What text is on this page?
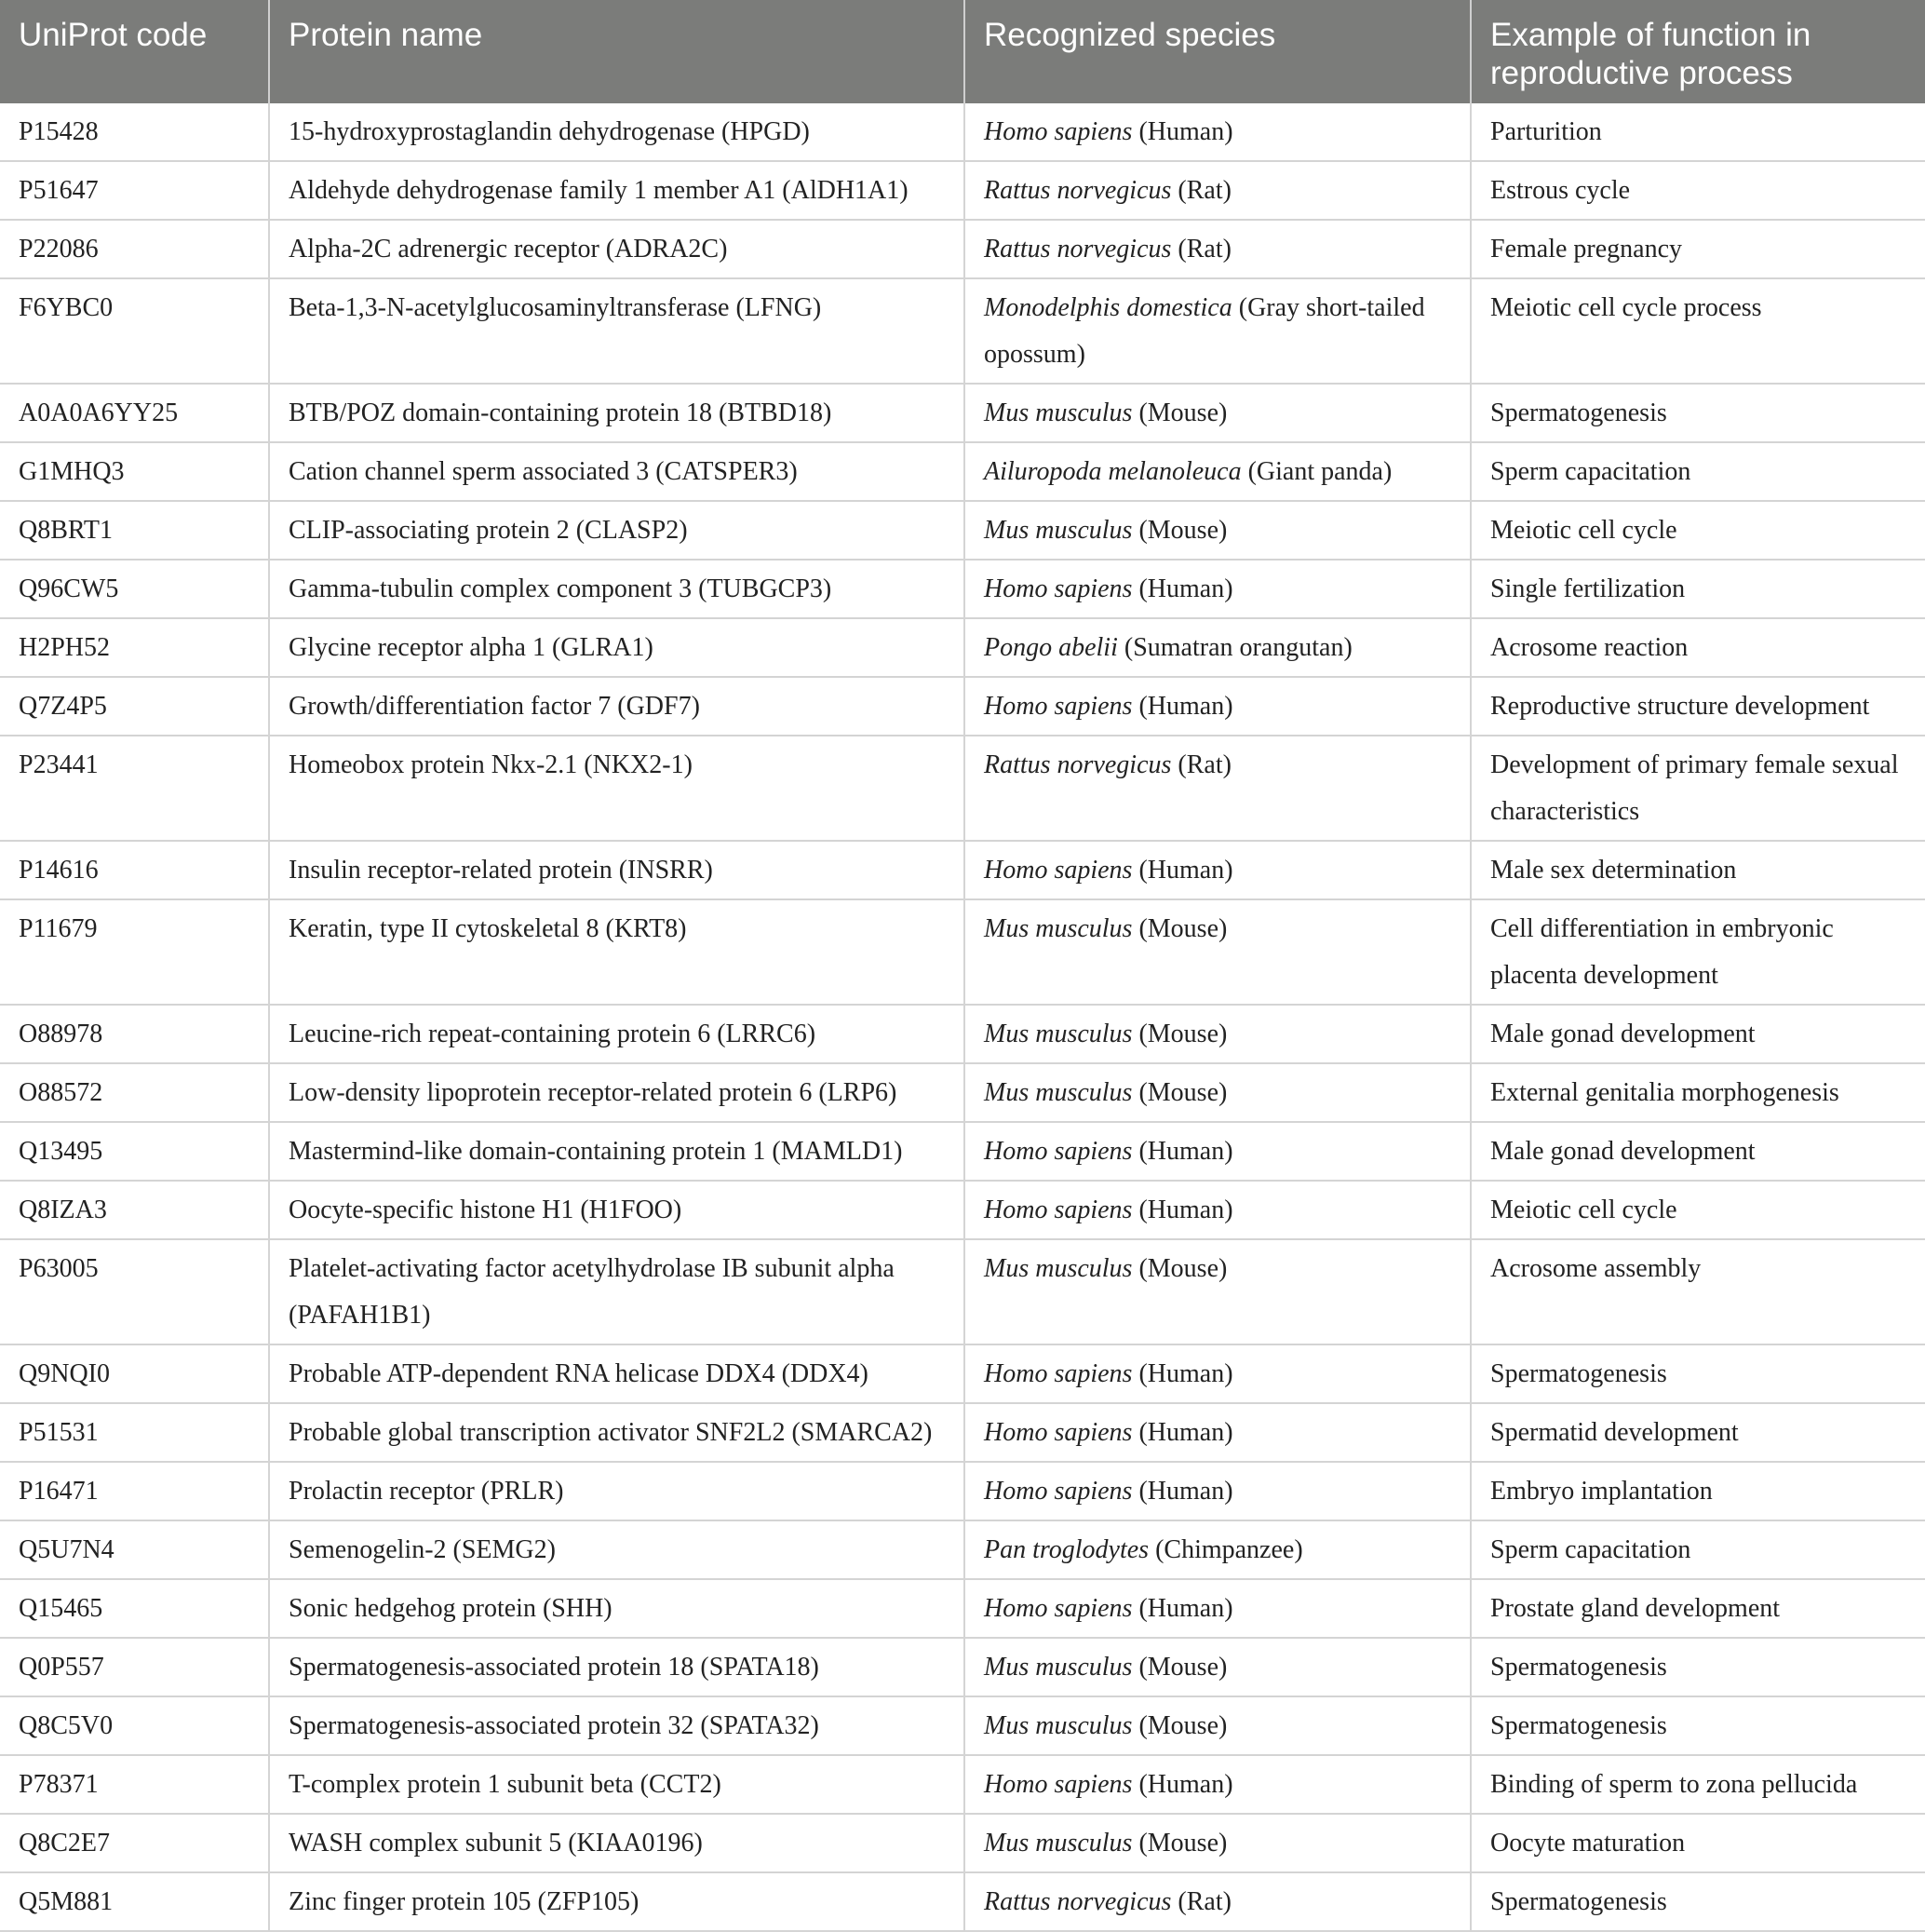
UniProt code	Protein name	Recognized species	Example of function in reproductive process
P15428	15-hydroxyprostaglandin dehydrogenase (HPGD)	Homo sapiens (Human)	Parturition
P51647	Aldehyde dehydrogenase family 1 member A1 (AlDH1A1)	Rattus norvegicus (Rat)	Estrous cycle
P22086	Alpha-2C adrenergic receptor (ADRA2C)	Rattus norvegicus (Rat)	Female pregnancy
F6YBC0	Beta-1,3-N-acetylglucosaminyltransferase (LFNG)	Monodelphis domestica (Gray short-tailed opossum)	Meiotic cell cycle process
A0A0A6YY25	BTB/POZ domain-containing protein 18 (BTBD18)	Mus musculus (Mouse)	Spermatogenesis
G1MHQ3	Cation channel sperm associated 3 (CATSPER3)	Ailuropoda melanoleuca (Giant panda)	Sperm capacitation
Q8BRT1	CLIP-associating protein 2 (CLASP2)	Mus musculus (Mouse)	Meiotic cell cycle
Q96CW5	Gamma-tubulin complex component 3 (TUBGCP3)	Homo sapiens (Human)	Single fertilization
H2PH52	Glycine receptor alpha 1 (GLRA1)	Pongo abelii (Sumatran orangutan)	Acrosome reaction
Q7Z4P5	Growth/differentiation factor 7 (GDF7)	Homo sapiens (Human)	Reproductive structure development
P23441	Homeobox protein Nkx-2.1 (NKX2-1)	Rattus norvegicus (Rat)	Development of primary female sexual characteristics
P14616	Insulin receptor-related protein (INSRR)	Homo sapiens (Human)	Male sex determination
P11679	Keratin, type II cytoskeletal 8 (KRT8)	Mus musculus (Mouse)	Cell differentiation in embryonic placenta development
O88978	Leucine-rich repeat-containing protein 6 (LRRC6)	Mus musculus (Mouse)	Male gonad development
O88572	Low-density lipoprotein receptor-related protein 6 (LRP6)	Mus musculus (Mouse)	External genitalia morphogenesis
Q13495	Mastermind-like domain-containing protein 1 (MAMLD1)	Homo sapiens (Human)	Male gonad development
Q8IZA3	Oocyte-specific histone H1 (H1FOO)	Homo sapiens (Human)	Meiotic cell cycle
P63005	Platelet-activating factor acetylhydrolase IB subunit alpha (PAFAH1B1)	Mus musculus (Mouse)	Acrosome assembly
Q9NQI0	Probable ATP-dependent RNA helicase DDX4 (DDX4)	Homo sapiens (Human)	Spermatogenesis
P51531	Probable global transcription activator SNF2L2 (SMARCA2)	Homo sapiens (Human)	Spermatid development
P16471	Prolactin receptor (PRLR)	Homo sapiens (Human)	Embryo implantation
Q5U7N4	Semenogelin-2 (SEMG2)	Pan troglodytes (Chimpanzee)	Sperm capacitation
Q15465	Sonic hedgehog protein (SHH)	Homo sapiens (Human)	Prostate gland development
Q0P557	Spermatogenesis-associated protein 18 (SPATA18)	Mus musculus (Mouse)	Spermatogenesis
Q8C5V0	Spermatogenesis-associated protein 32 (SPATA32)	Mus musculus (Mouse)	Spermatogenesis
P78371	T-complex protein 1 subunit beta (CCT2)	Homo sapiens (Human)	Binding of sperm to zona pellucida
Q8C2E7	WASH complex subunit 5 (KIAA0196)	Mus musculus (Mouse)	Oocyte maturation
Q5M881	Zinc finger protein 105 (ZFP105)	Rattus norvegicus (Rat)	Spermatogenesis
